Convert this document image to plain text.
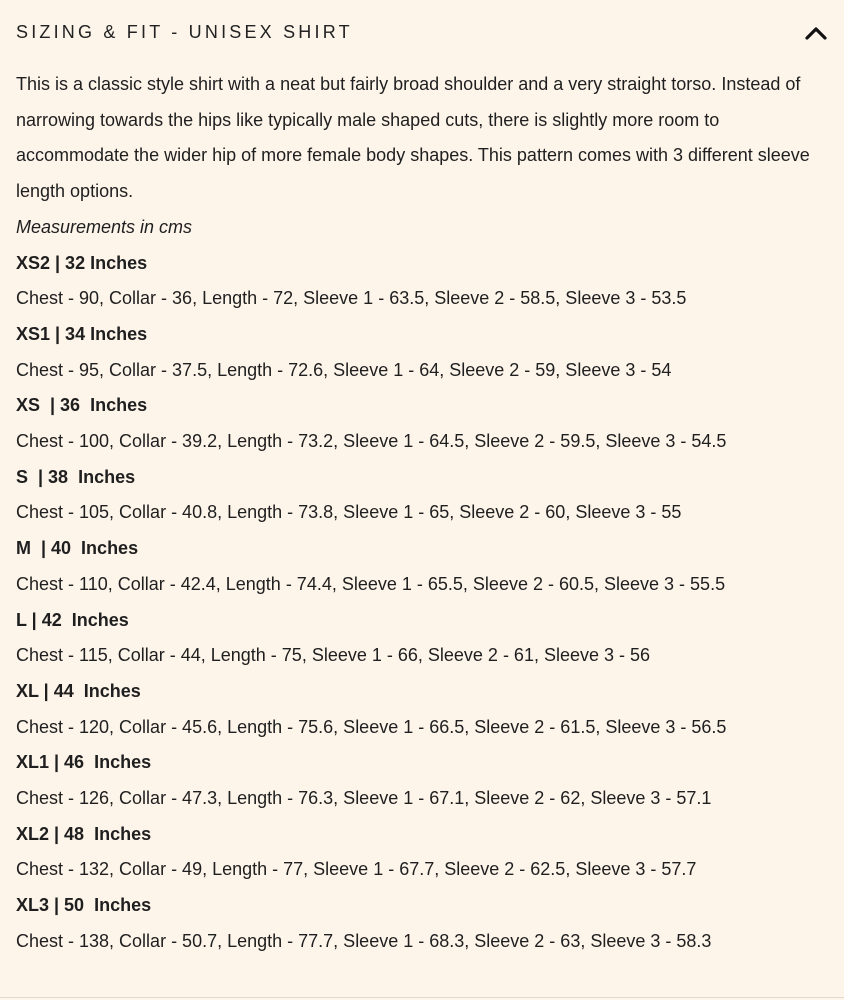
SIZING & FIT - UNISEX SHIRT

This is a classic style shirt with a neat but fairly broad shoulder and a very straight torso. Instead of narrowing towards the hips like typically male shaped cuts, there is slightly more room to accommodate the wider hip of more female body shapes. This pattern comes with 3 different sleeve length options.

Measurements in cms

XS2 | 32 Inches

Chest - 90, Collar - 36, Length - 72, Sleeve 1 - 63.5, Sleeve 2 - 58.5, Sleeve 3 - 53.5

XS1 | 34 Inches

Chest - 95, Collar - 37.5, Length - 72.6, Sleeve 1 - 64, Sleeve 2 - 59, Sleeve 3 - 54

XS  | 36  Inches

Chest - 100, Collar - 39.2, Length - 73.2, Sleeve 1 - 64.5, Sleeve 2 - 59.5, Sleeve 3 - 54.5

S  | 38  Inches

Chest - 105, Collar - 40.8, Length - 73.8, Sleeve 1 - 65, Sleeve 2 - 60, Sleeve 3 - 55

M  | 40  Inches

Chest - 110, Collar - 42.4, Length - 74.4, Sleeve 1 - 65.5, Sleeve 2 - 60.5, Sleeve 3 - 55.5

L | 42  Inches

Chest - 115, Collar - 44, Length - 75, Sleeve 1 - 66, Sleeve 2 - 61, Sleeve 3 - 56

XL | 44  Inches

Chest - 120, Collar - 45.6, Length - 75.6, Sleeve 1 - 66.5, Sleeve 2 - 61.5, Sleeve 3 - 56.5

XL1 | 46  Inches

Chest - 126, Collar - 47.3, Length - 76.3, Sleeve 1 - 67.1, Sleeve 2 - 62, Sleeve 3 - 57.1

XL2 | 48  Inches

Chest - 132, Collar - 49, Length - 77, Sleeve 1 - 67.7, Sleeve 2 - 62.5, Sleeve 3 - 57.7

XL3 | 50  Inches

Chest - 138, Collar - 50.7, Length - 77.7, Sleeve 1 - 68.3, Sleeve 2 - 63, Sleeve 3 - 58.3
